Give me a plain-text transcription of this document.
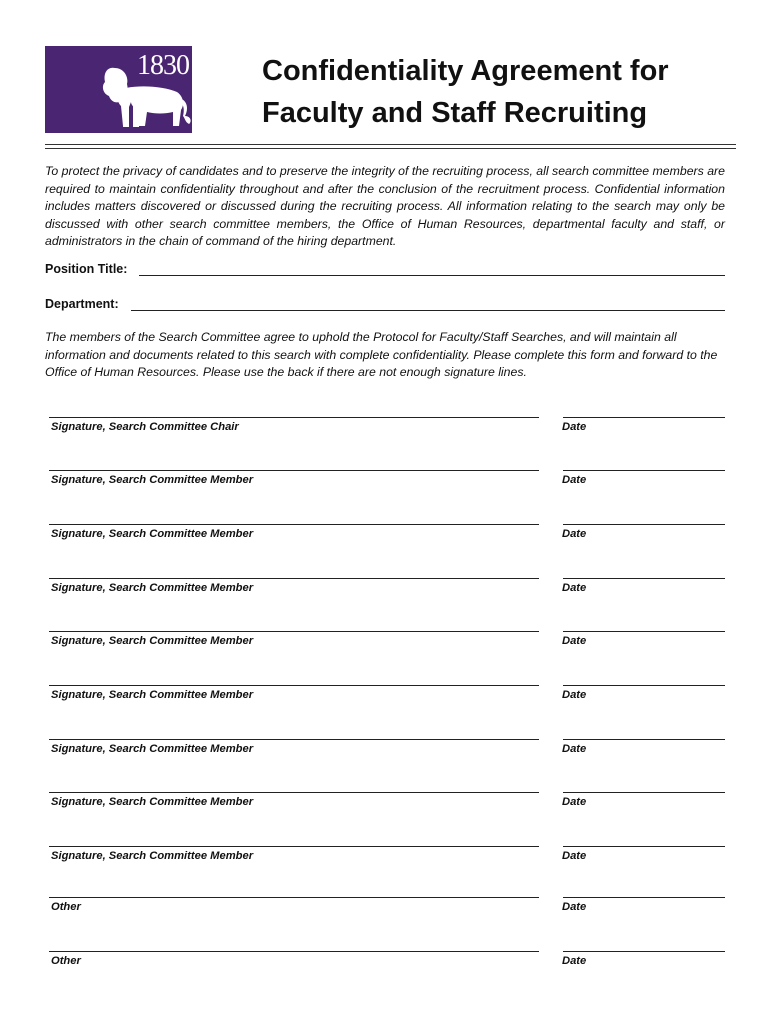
1830	Confidentiality Agreement for
Faculty and Staff Recruiting
To protect the privacy of candidates and to preserve the integrity of the recruiting process, all search committee members are required to maintain confidentiality throughout and after the conclusion of the recruitment process. Confidential information includes matters discovered or discussed during the recruiting process. All information relating to the search may only be discussed with other search committee members, the Office of Human Resources, departmental faculty and staff, or administrators in the chain of command of the hiring department.
Position Title:
Department:
The members of the Search Committee agree to uphold the Protocol for Faculty/Staff Searches, and will maintain all information and documents related to this search with complete confidentiality. Please complete this form and forward to the Office of Human Resources. Please use the back if there are not enough signature lines.
Signature, Search Committee Chair	Date
Signature, Search Committee Member	Date
Signature, Search Committee Member	Date
Signature, Search Committee Member	Date
Signature, Search Committee Member	Date
Signature, Search Committee Member	Date
Signature, Search Committee Member	Date
Signature, Search Committee Member	Date
Signature, Search Committee Member	Date
Other	Date
Other	Date
